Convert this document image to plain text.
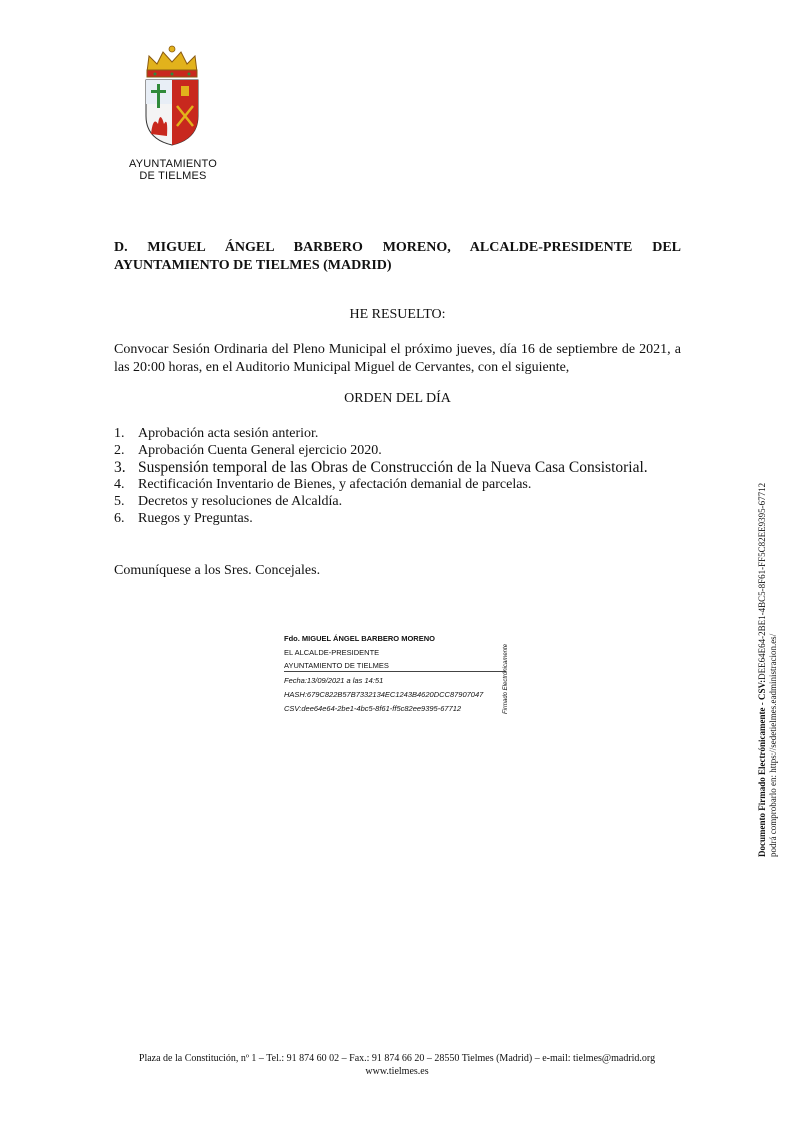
AYUNTAMIENTO
DE TIELMES
D. MIGUEL ÁNGEL BARBERO MORENO, ALCALDE-PRESIDENTE DEL
AYUNTAMIENTO DE TIELMES (MADRID)
HE RESUELTO:
Convocar Sesión Ordinaria del Pleno Municipal el próximo jueves, día 16 de septiembre de 2021, a las 20:00 horas, en el Auditorio Municipal Miguel de Cervantes, con el siguiente,
ORDEN DEL DÍA
1. Aprobación acta sesión anterior.
2. Aprobación Cuenta General ejercicio 2020.
3. Suspensión temporal de las Obras de Construcción de la Nueva Casa Consistorial.
4. Rectificación Inventario de Bienes, y afectación demanial de parcelas.
5. Decretos y resoluciones de Alcaldía.
6. Ruegos y Preguntas.
Comuníquese a los Sres. Concejales.
Fdo. MIGUEL ÁNGEL BARBERO MORENO
EL ALCALDE-PRESIDENTE
AYUNTAMIENTO DE TIELMES
Fecha:13/09/2021 a las 14:51
HASH:679C822B57B7332134EC1243B4620DCC87907047
CSV:dee64e64-2be1-4bc5-8f61-ff5c82ee9395-67712	Firmado Electrónicamente
Documento Firmado Electrónicamente - CSV:DEE64E64-2BE1-4BC5-8F61-FF5C82EE9395-67712
podrá comprobarlo en: https://sedetielmes.eadministracion.es/
Plaza de la Constitución, nº 1 – Tel.: 91 874 60 02 – Fax.: 91 874 66 20 – 28550 Tielmes (Madrid) – e-mail: tielmes@madrid.org
www.tielmes.es
